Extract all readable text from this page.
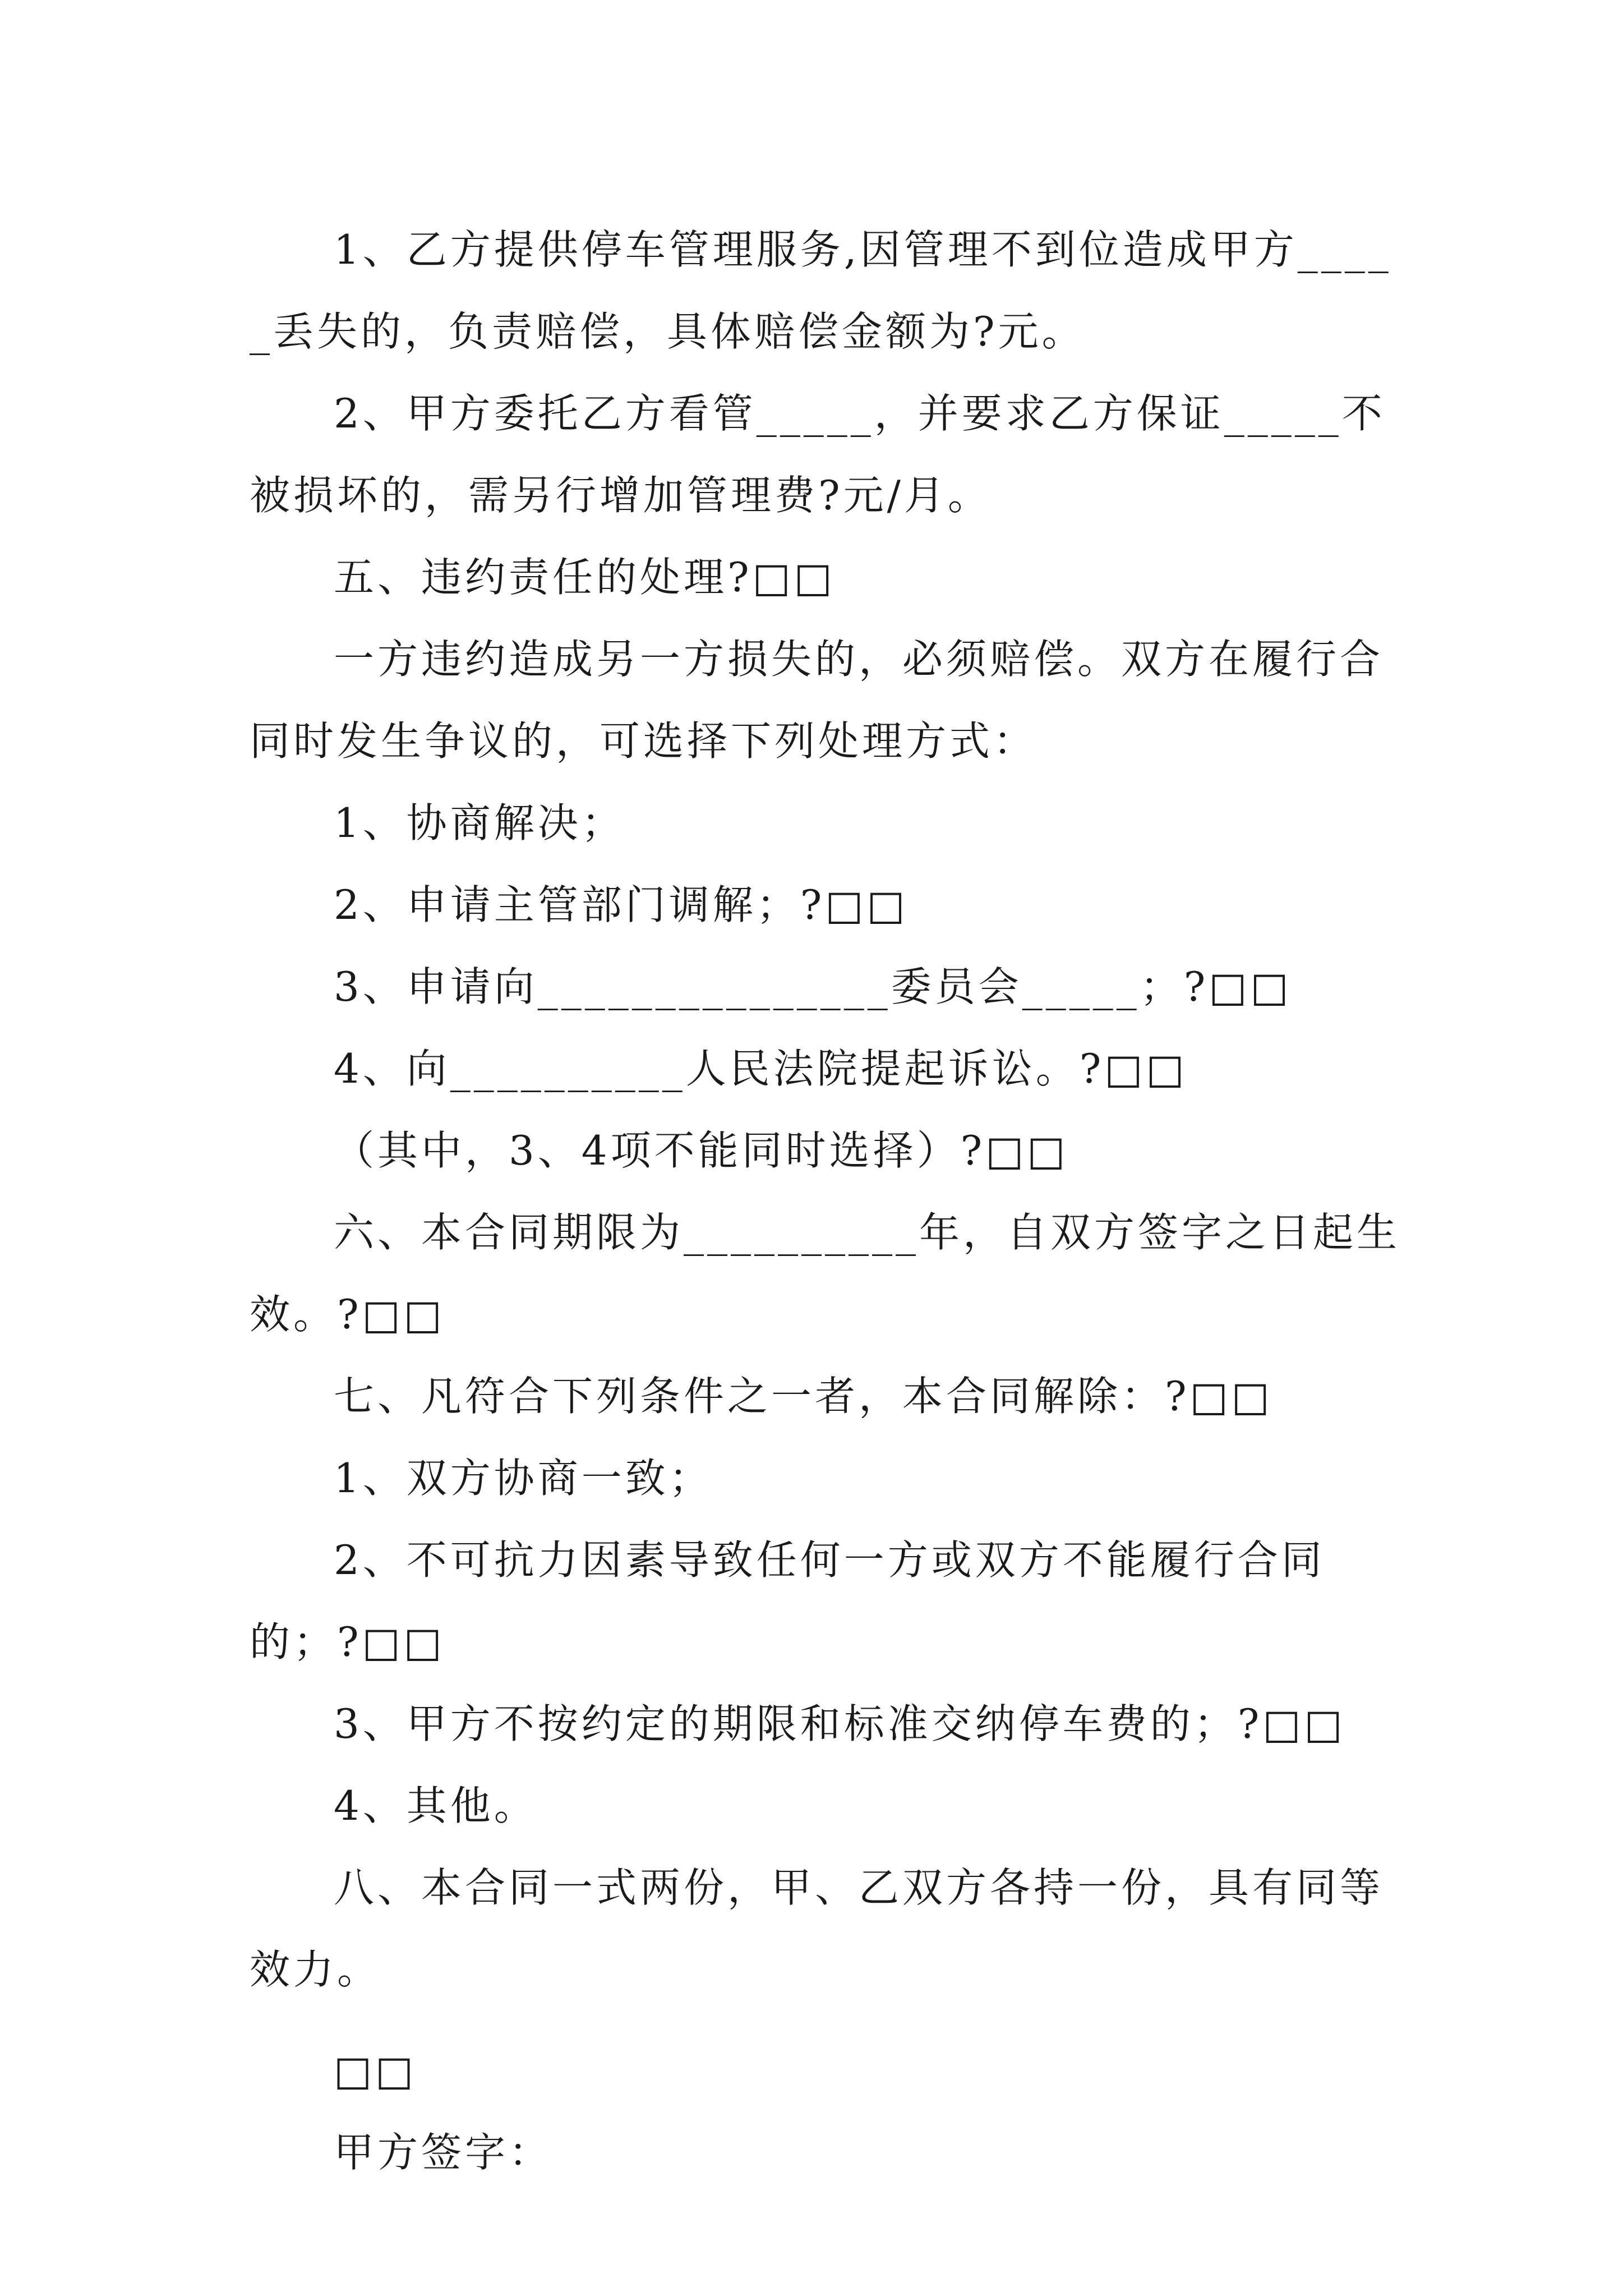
1、乙方提供停车管理服务,因管理不到位造成甲方_____丢失的，负责赔偿，具体赔偿金额为?元。

2、甲方委托乙方看管_____，并要求乙方保证_____不被损坏的，需另行增加管理费?元/月。

五、违约责任的处理?□□

一方违约造成另一方损失的，必须赔偿。双方在履行合同时发生争议的，可选择下列处理方式：

1、协商解决；

2、申请主管部门调解；?□□

3、申请向_______________委员会_____；?□□

4、向__________人民法院提起诉讼。?□□

（其中，3、4项不能同时选择）?□□

六、本合同期限为__________年，自双方签字之日起生效。?□□

七、凡符合下列条件之一者，本合同解除：?□□

1、双方协商一致；

2、不可抗力因素导致任何一方或双方不能履行合同的；?□□

3、甲方不按约定的期限和标准交纳停车费的；?□□

4、其他。

八、本合同一式两份，甲、乙双方各持一份，具有同等效力。

□□

甲方签字：
